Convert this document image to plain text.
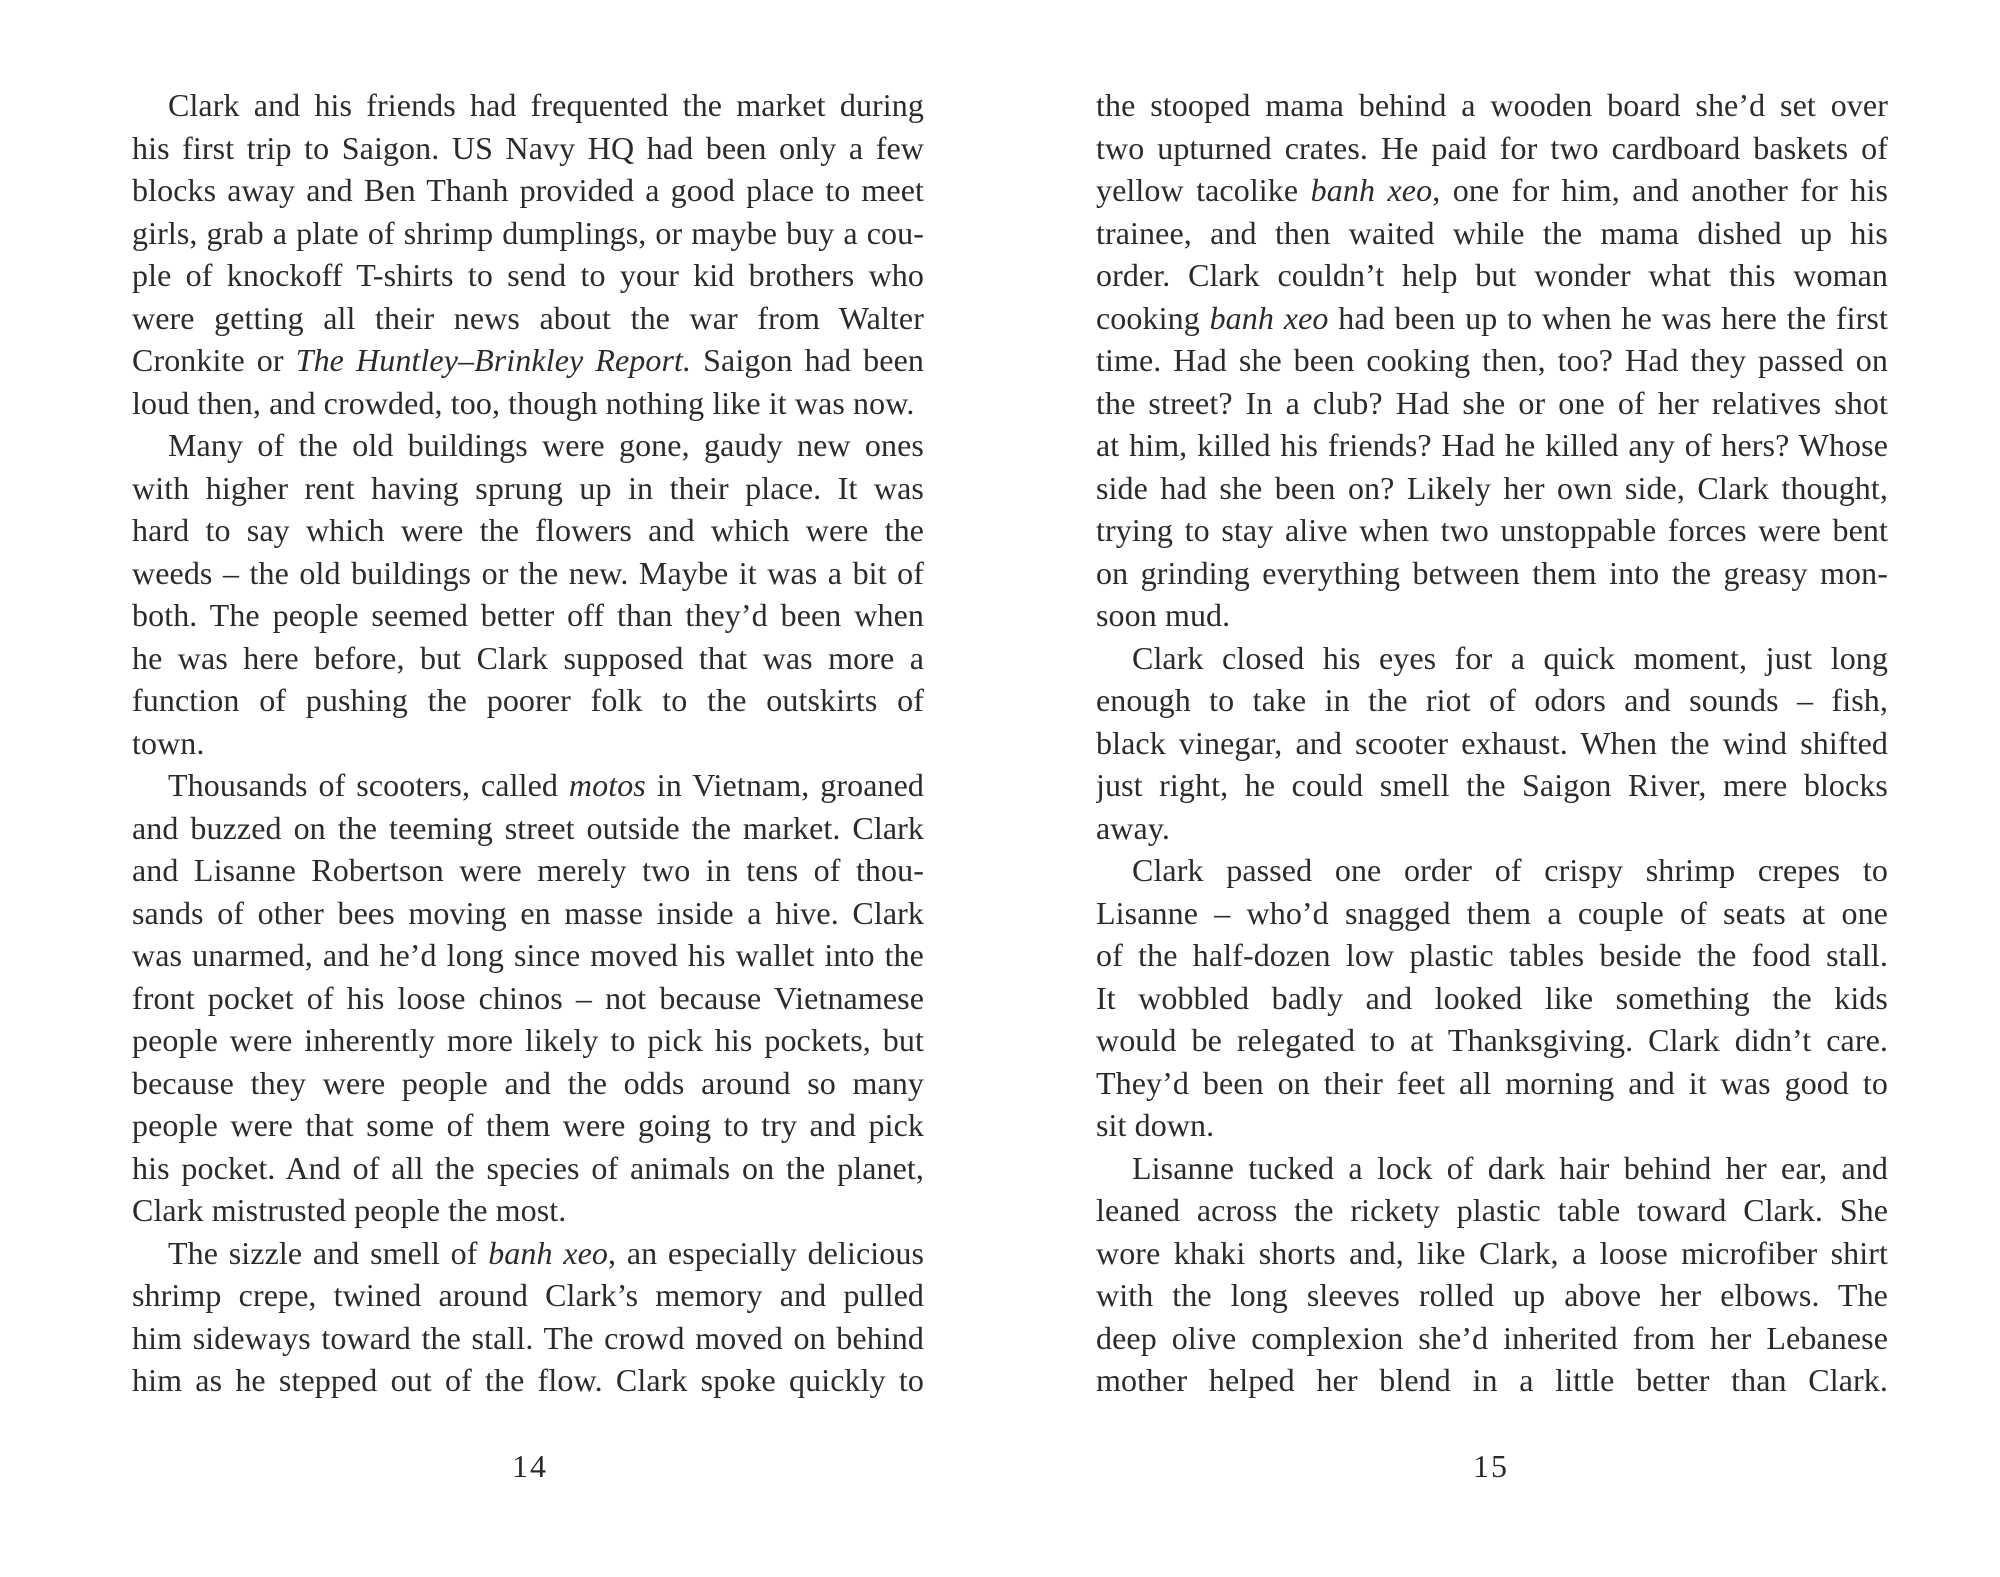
Clark and his friends had frequented the market during
his first trip to Saigon. US Navy HQ had been only a few
blocks away and Ben Thanh provided a good place to meet
girls, grab a plate of shrimp dumplings, or maybe buy a cou-
ple of knockoff T-shirts to send to your kid brothers who
were getting all their news about the war from Walter
Cronkite or The Huntley–Brinkley Report. Saigon had been
loud then, and crowded, too, though nothing like it was now.
Many of the old buildings were gone, gaudy new ones
with higher rent having sprung up in their place. It was
hard to say which were the flowers and which were the
weeds – the old buildings or the new. Maybe it was a bit of
both. The people seemed better off than they’d been when
he was here before, but Clark supposed that was more a
function of pushing the poorer folk to the outskirts of
town.
Thousands of scooters, called motos in Vietnam, groaned
and buzzed on the teeming street outside the market. Clark
and Lisanne Robertson were merely two in tens of thou-
sands of other bees moving en masse inside a hive. Clark
was unarmed, and he’d long since moved his wallet into the
front pocket of his loose chinos – not because Vietnamese
people were inherently more likely to pick his pockets, but
because they were people and the odds around so many
people were that some of them were going to try and pick
his pocket. And of all the species of animals on the planet,
Clark mistrusted people the most.
The sizzle and smell of banh xeo, an especially delicious
shrimp crepe, twined around Clark’s memory and pulled
him sideways toward the stall. The crowd moved on behind
him as he stepped out of the flow. Clark spoke quickly to
14
the stooped mama behind a wooden board she’d set over
two upturned crates. He paid for two cardboard baskets of
yellow tacolike banh xeo, one for him, and another for his
trainee, and then waited while the mama dished up his
order. Clark couldn’t help but wonder what this woman
cooking banh xeo had been up to when he was here the first
time. Had she been cooking then, too? Had they passed on
the street? In a club? Had she or one of her relatives shot
at him, killed his friends? Had he killed any of hers? Whose
side had she been on? Likely her own side, Clark thought,
trying to stay alive when two unstoppable forces were bent
on grinding everything between them into the greasy mon-
soon mud.
Clark closed his eyes for a quick moment, just long
enough to take in the riot of odors and sounds – fish,
black vinegar, and scooter exhaust. When the wind shifted
just right, he could smell the Saigon River, mere blocks
away.
Clark passed one order of crispy shrimp crepes to
Lisanne – who’d snagged them a couple of seats at one
of the half-dozen low plastic tables beside the food stall.
It wobbled badly and looked like something the kids
would be relegated to at Thanksgiving. Clark didn’t care.
They’d been on their feet all morning and it was good to
sit down.
Lisanne tucked a lock of dark hair behind her ear, and
leaned across the rickety plastic table toward Clark. She
wore khaki shorts and, like Clark, a loose microfiber shirt
with the long sleeves rolled up above her elbows. The
deep olive complexion she’d inherited from her Lebanese
mother helped her blend in a little better than Clark.
15
